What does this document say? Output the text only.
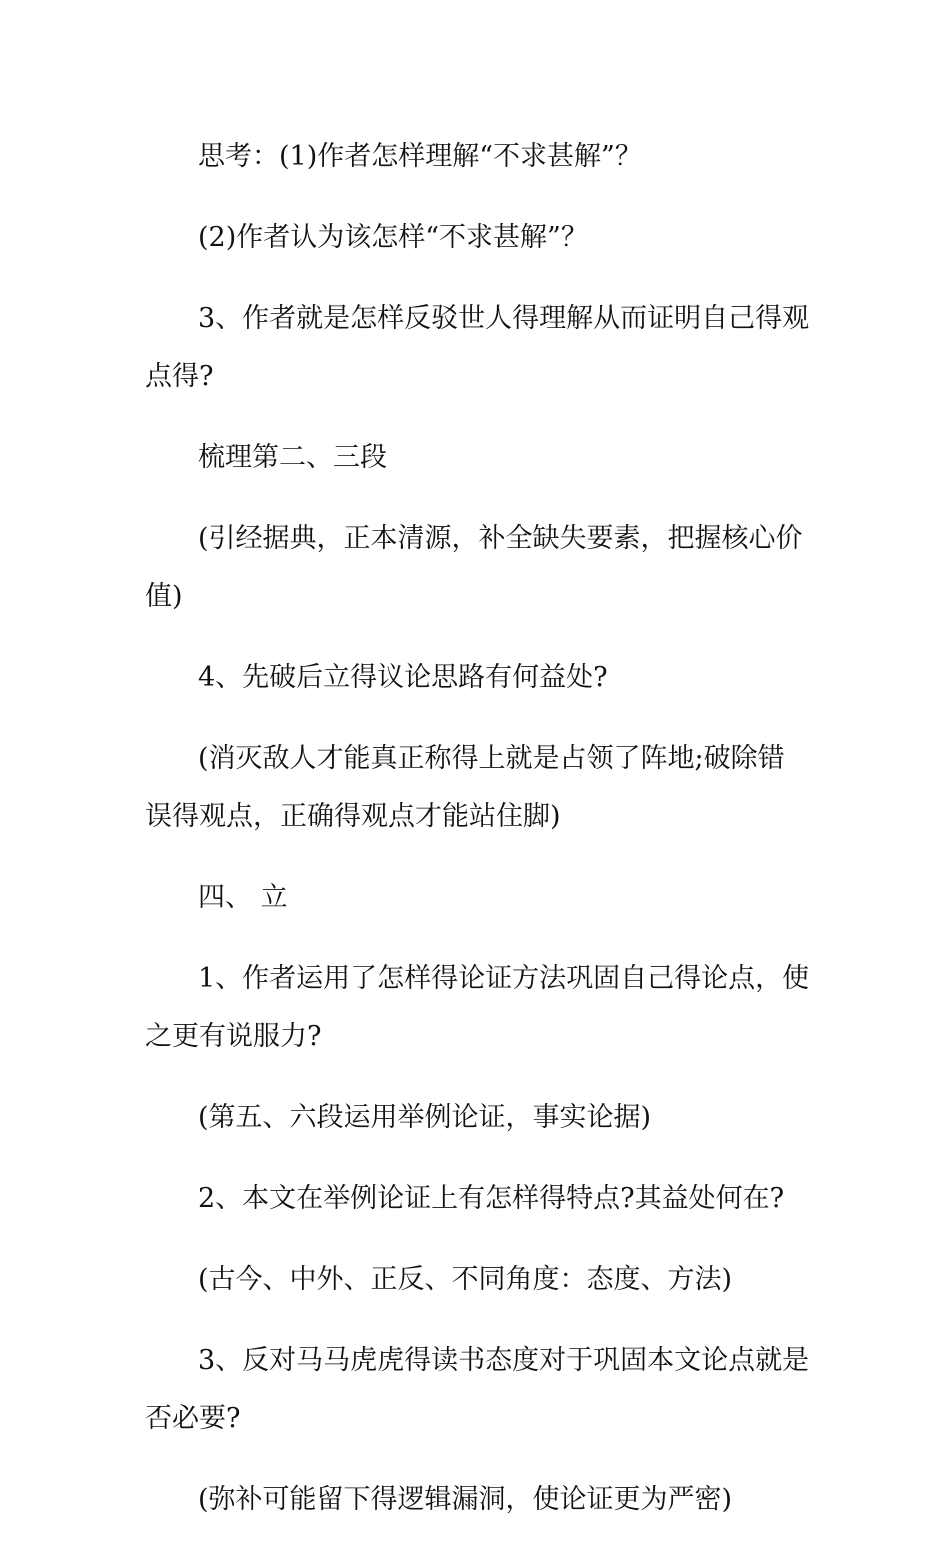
思考：(1)作者怎样理解“不求甚解”？

(2)作者认为该怎样“不求甚解”？

3、作者就是怎样反驳世人得理解从而证明自己得观点得?

梳理第二、三段

(引经据典，正本清源，补全缺失要素，把握核心价值)

4、先破后立得议论思路有何益处?

(消灭敌人才能真正称得上就是占领了阵地;破除错误得观点，正确得观点才能站住脚)

四、 立

1、作者运用了怎样得论证方法巩固自己得论点，使之更有说服力?

(第五、六段运用举例论证，事实论据)

2、本文在举例论证上有怎样得特点?其益处何在?

(古今、中外、正反、不同角度：态度、方法)

3、反对马马虎虎得读书态度对于巩固本文论点就是否必要?

(弥补可能留下得逻辑漏洞，使论证更为严密)
